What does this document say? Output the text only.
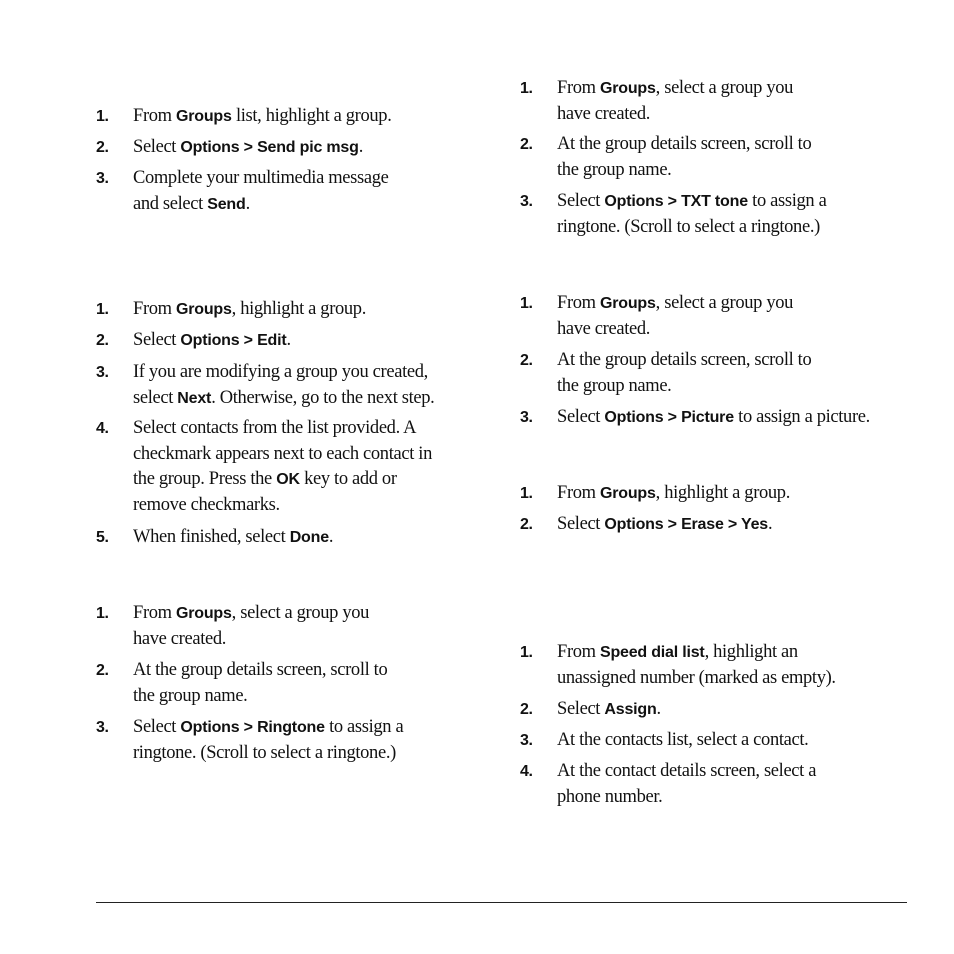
1. From Groups list, highlight a group.
2. Select Options > Send pic msg.
3. Complete your multimedia message
and select Send.
1. From Groups, highlight a group.
2. Select Options > Edit.
3. If you are modifying a group you created,
select Next. Otherwise, go to the next step.
4. Select contacts from the list provided. A
checkmark appears next to each contact in
the group. Press the OK key to add or
remove checkmarks.
5. When finished, select Done.
1. From Groups, select a group you
have created.
2. At the group details screen, scroll to
the group name.
3. Select Options > Ringtone to assign a
ringtone. (Scroll to select a ringtone.)
1. From Groups, select a group you
have created.
2. At the group details screen, scroll to
the group name.
3. Select Options > TXT tone to assign a
ringtone. (Scroll to select a ringtone.)
1. From Groups, select a group you
have created.
2. At the group details screen, scroll to
the group name.
3. Select Options > Picture to assign a picture.
1. From Groups, highlight a group.
2. Select Options > Erase > Yes.
1. From Speed dial list, highlight an
unassigned number (marked as empty).
2. Select Assign.
3. At the contacts list, select a contact.
4. At the contact details screen, select a
phone number.
